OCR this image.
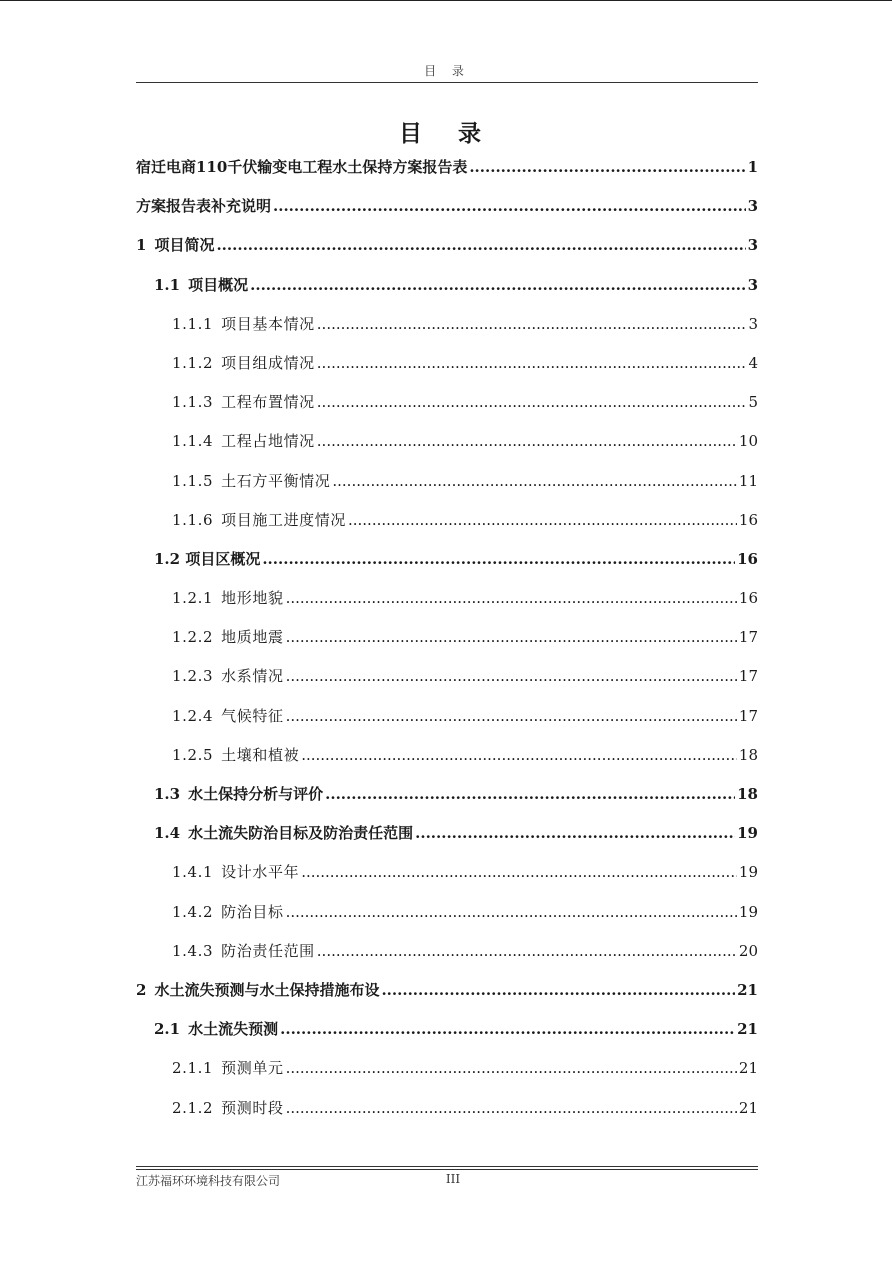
目 录
目 录
宿迁电商110千伏输变电工程水土保持方案报告表 .....	1
方案报告表补充说明 .....	3
1 项目简况 .....	3
1.1 项目概况 .....	3
1.1.1 项目基本情况 .....	3
1.1.2 项目组成情况 .....	4
1.1.3 工程布置情况 .....	5
1.1.4 工程占地情况 .....	10
1.1.5 土石方平衡情况 .....	11
1.1.6 项目施工进度情况 .....	16
1.2 项目区概况 .....	16
1.2.1 地形地貌 .....	16
1.2.2 地质地震 .....	17
1.2.3 水系情况 .....	17
1.2.4 气候特征 .....	17
1.2.5 土壤和植被 .....	18
1.3 水土保持分析与评价 .....	18
1.4 水土流失防治目标及防治责任范围 .....	19
1.4.1 设计水平年 .....	19
1.4.2 防治目标 .....	19
1.4.3 防治责任范围 .....	20
2 水土流失预测与水土保持措施布设 .....	21
2.1 水土流失预测 .....	21
2.1.1 预测单元 .....	21
2.1.2 预测时段 .....	21
江苏福环环境科技有限公司	III
